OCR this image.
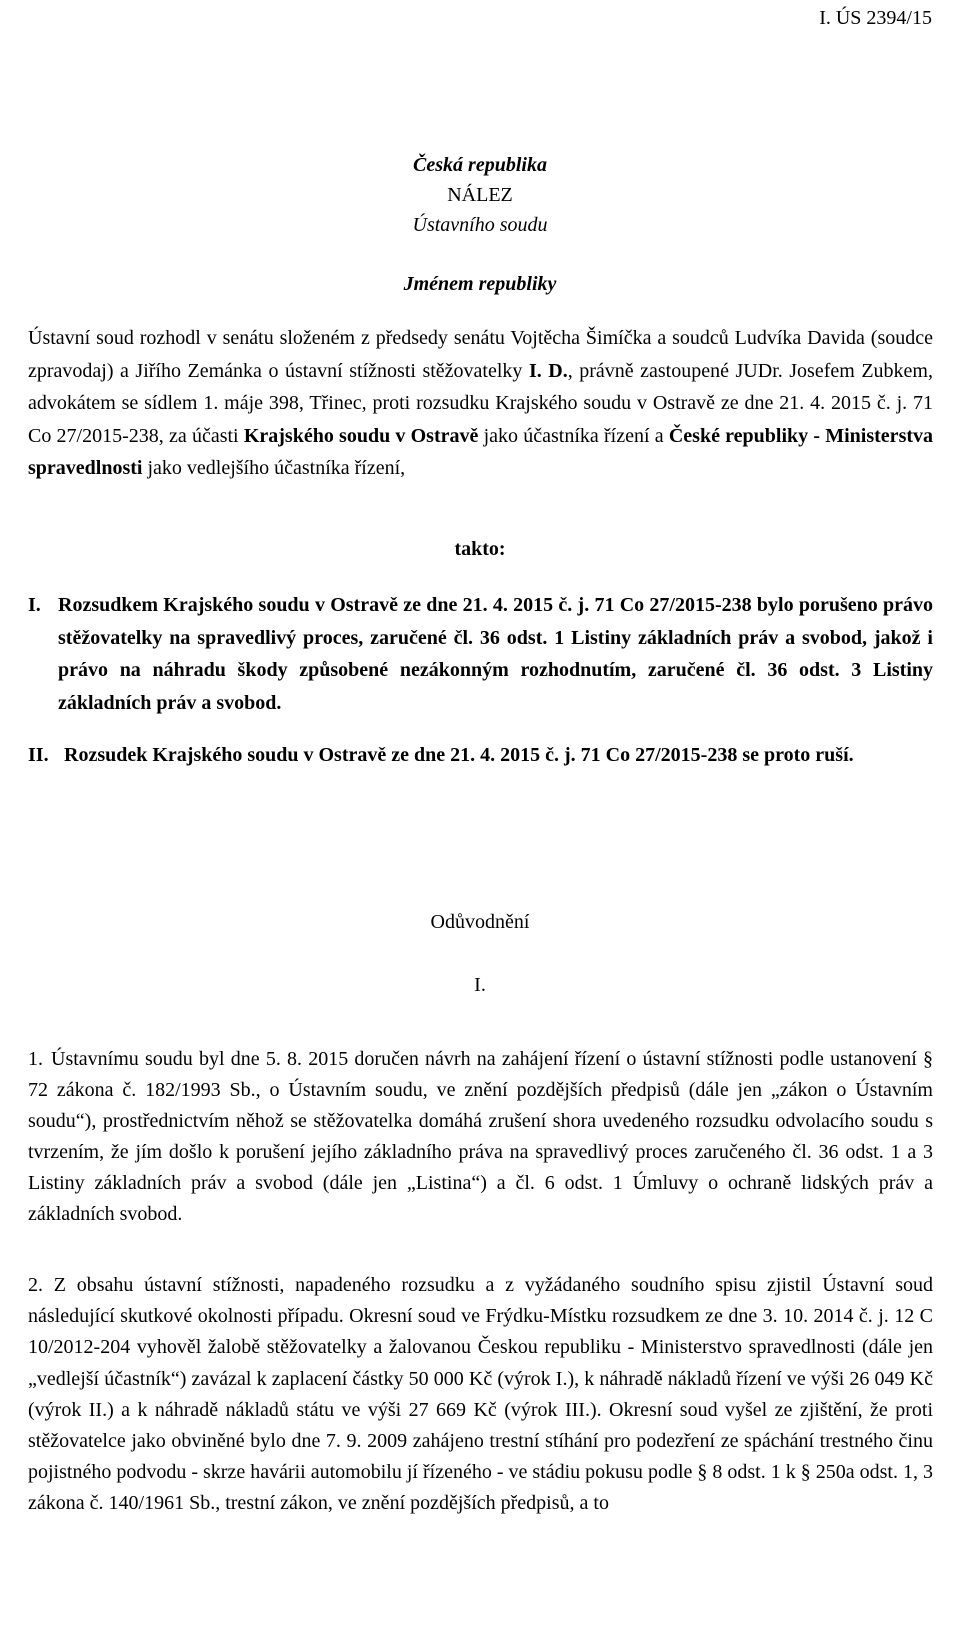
I. ÚS 2394/15
Česká republika
NÁLEZ
Ústavního soudu
Jménem republiky

Ústavní soud rozhodl v senátu složeném z předsedy senátu Vojtěcha Šimíčka a soudců Ludvíka Davida (soudce zpravodaj) a Jiřího Zemánka o ústavní stížnosti stěžovatelky I. D., právně zastoupené JUDr. Josefem Zubkem, advokátem se sídlem 1. máje 398, Třinec, proti rozsudku Krajského soudu v Ostravě ze dne 21. 4. 2015 č. j. 71 Co 27/2015-238, za účasti Krajského soudu v Ostravě jako účastníka řízení a České republiky - Ministerstva spravedlnosti jako vedlejšího účastníka řízení,

takto:
I. Rozsudkem Krajského soudu v Ostravě ze dne 21. 4. 2015 č. j. 71 Co 27/2015-238 bylo porušeno právo stěžovatelky na spravedlivý proces, zaručené čl. 36 odst. 1 Listiny základních práv a svobod, jakož i právo na náhradu škody způsobené nezákonným rozhodnutím, zaručené čl. 36 odst. 3 Listiny základních práv a svobod.
II. Rozsudek Krajského soudu v Ostravě ze dne 21. 4. 2015 č. j. 71 Co 27/2015-238 se proto ruší.
Odůvodnění
I.

1. Ústavnímu soudu byl dne 5. 8. 2015 doručen návrh na zahájení řízení o ústavní stížnosti podle ustanovení § 72 zákona č. 182/1993 Sb., o Ústavním soudu, ve znění pozdějších předpisů (dále jen „zákon o Ústavním soudu“), prostřednictvím něhož se stěžovatelka domáhá zrušení shora uvedeného rozsudku odvolacího soudu s tvrzením, že jím došlo k porušení jejího základního práva na spravedlivý proces zaručeného čl. 36 odst. 1 a 3 Listiny základních práv a svobod (dále jen „Listina“) a čl. 6 odst. 1 Úmluvy o ochraně lidských práv a základních svobod.

2. Z obsahu ústavní stížnosti, napadeného rozsudku a z vyžádaného soudního spisu zjistil Ústavní soud následující skutkové okolnosti případu. Okresní soud ve Frýdku-Místku rozsudkem ze dne 3. 10. 2014 č. j. 12 C 10/2012-204 vyhověl žalobě stěžovatelky a žalovanou Českou republiku - Ministerstvo spravedlnosti (dále jen „vedlejší účastník“) zavázal k zaplacení částky 50 000 Kč (výrok I.), k náhradě nákladů řízení ve výši 26 049 Kč (výrok II.) a k náhradě nákladů státu ve výši 27 669 Kč (výrok III.). Okresní soud vyšel ze zjištění, že proti stěžovatelce jako obviněné bylo dne 7. 9. 2009 zahájeno trestní stíhání pro podezření ze spáchání trestného činu pojistného podvodu - skrze havárii automobilu jí řízeného - ve stádiu pokusu podle § 8 odst. 1 k § 250a odst. 1, 3 zákona č. 140/1961 Sb., trestní zákon, ve znění pozdějších předpisů, a to
